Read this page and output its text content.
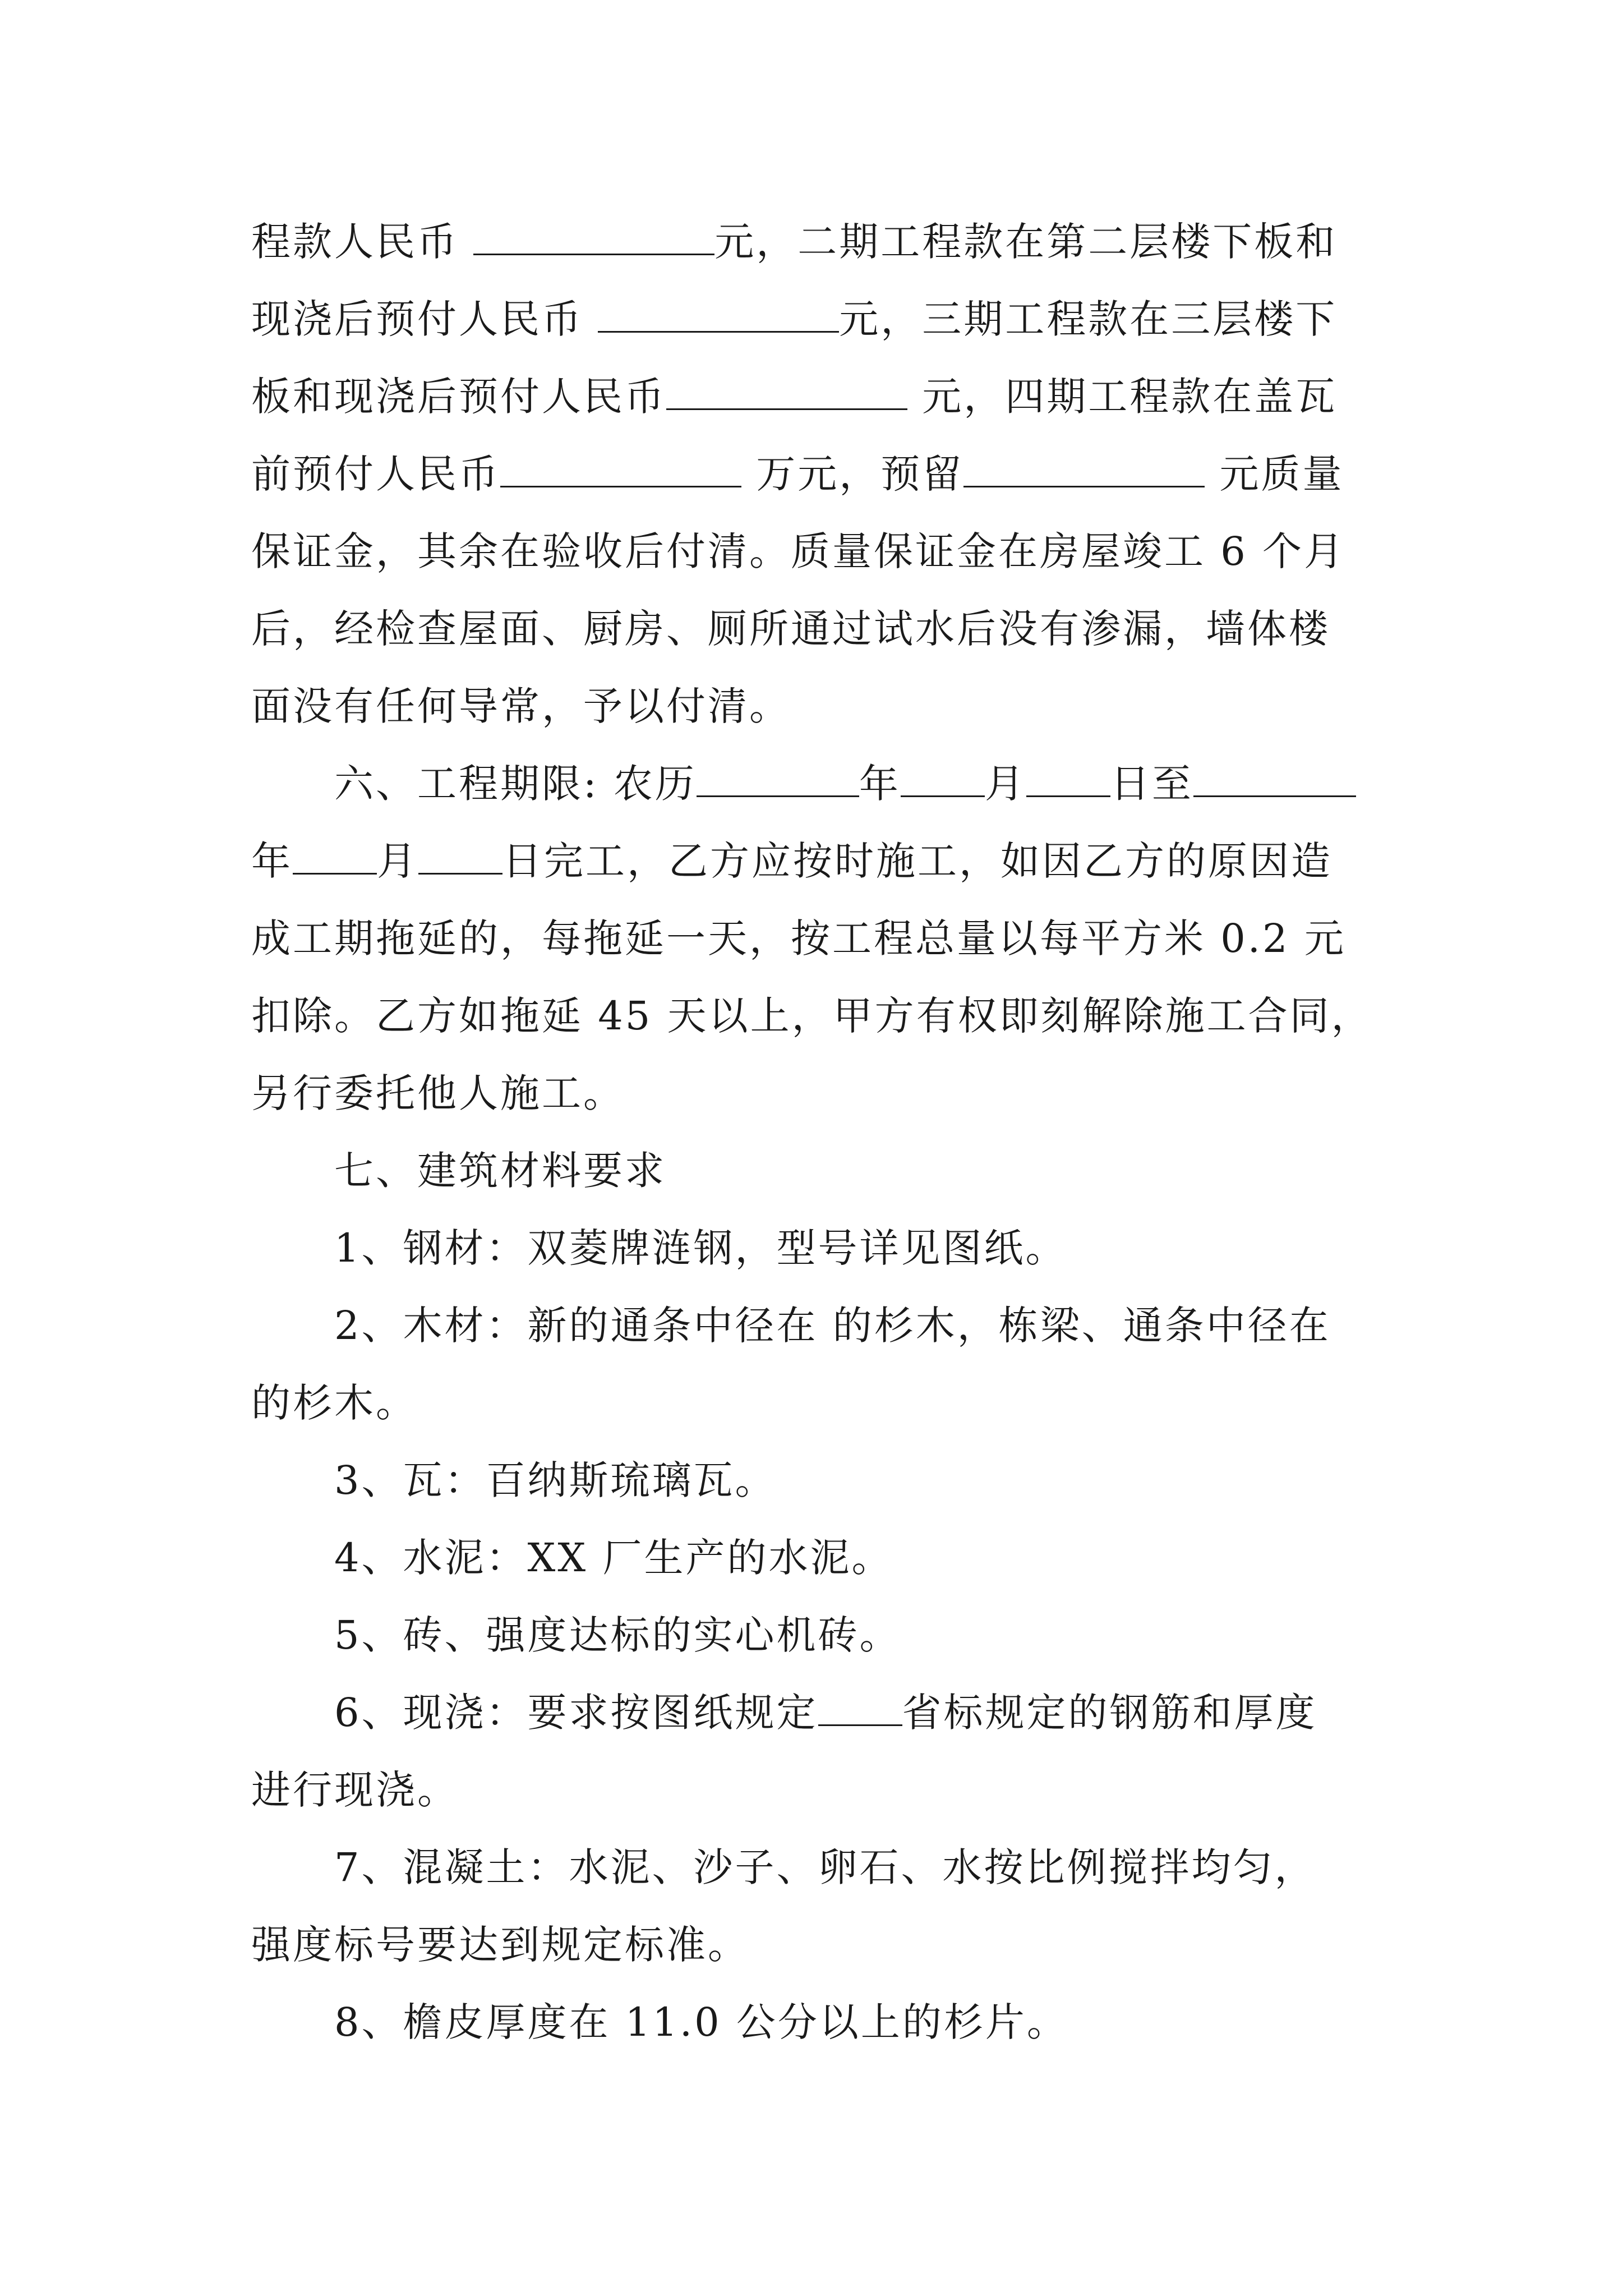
程款人民币	元，二期工程款在第二层楼下板和
现浇后预付人民币	元，三期工程款在三层楼下
板和现浇后预付人民币	元，四期工程款在盖瓦
前预付人民币	万元，预留	元质量
保证金，其余在验收后付清。质量保证金在房屋竣工 6 个月
后，经检查屋面、厨房、厕所通过试水后没有渗漏，墙体楼
面没有任何导常，予以付清。
六、工程期限: 农历	年 月 日至
年 月 日完工，乙方应按时施工，如因乙方的原因造
成工期拖延的，每拖延一天，按工程总量以每平方米 0.2 元
扣除。乙方如拖延 45 天以上，甲方有权即刻解除施工合同，
另行委托他人施工。
七、建筑材料要求
1、钢材：双菱牌涟钢，型号详见图纸。
2、木材：新的通条中径在 的杉木，栋梁、通条中径在
的杉木。
3、瓦：百纳斯琉璃瓦。
4、水泥：XX 厂生产的水泥。
5、砖、强度达标的实心机砖。
6、现浇：要求按图纸规定 省标规定的钢筋和厚度
进行现浇。
7、混凝土：水泥、沙子、卵石、水按比例搅拌均匀，
强度标号要达到规定标准。
8、檐皮厚度在 11.0 公分以上的杉片。
